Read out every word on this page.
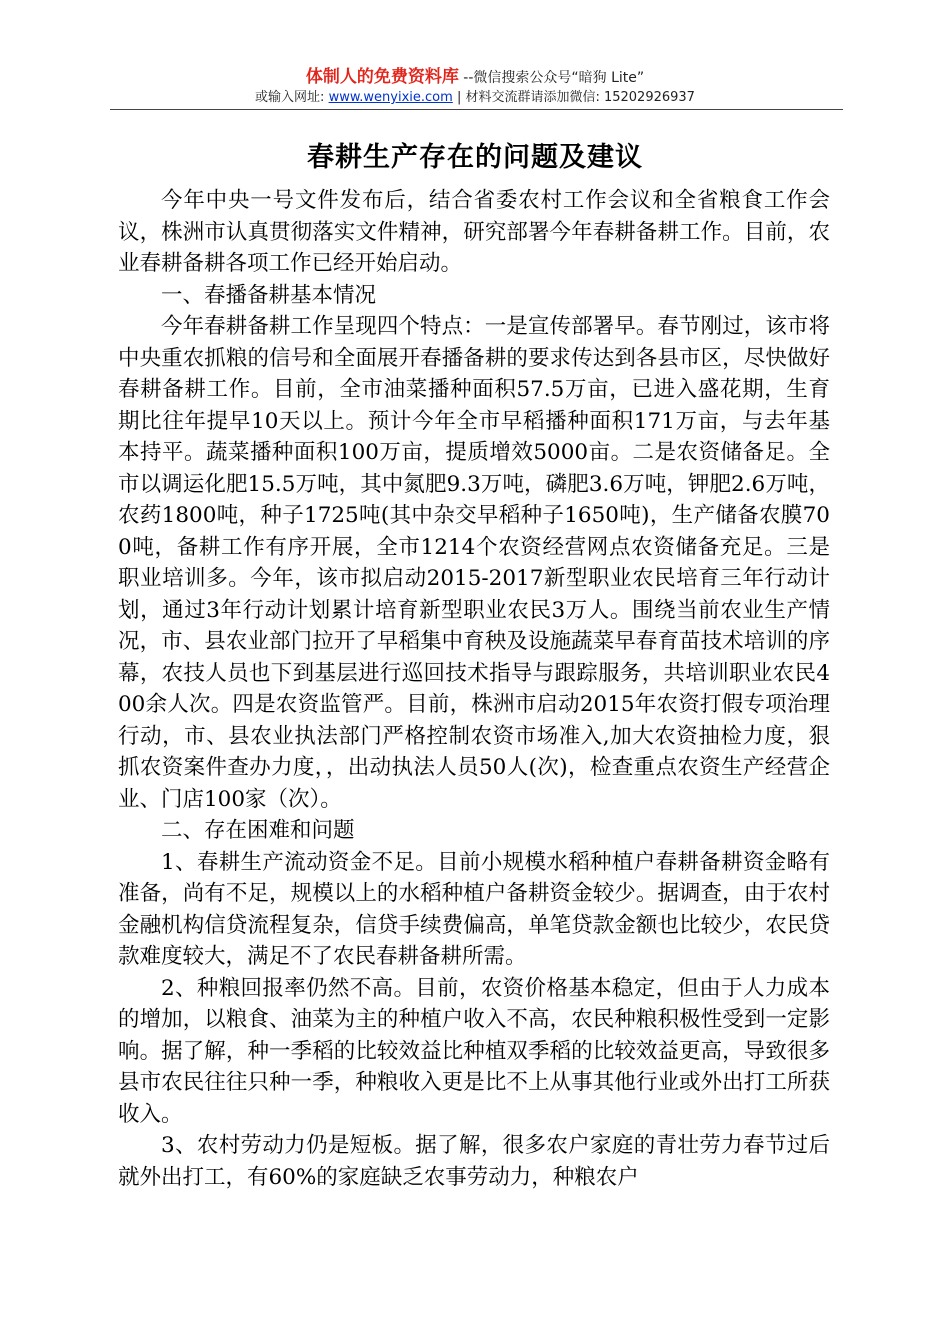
体制人的免费资料库 --微信搜索公众号“暗狗 Lite”
或输入网址: www.wenyixie.com | 材料交流群请添加微信: 15202926937
春耕生产存在的问题及建议

今年中央一号文件发布后，结合省委农村工作会议和全省粮食工作会议，株洲市认真贯彻落实文件精神，研究部署今年春耕备耕工作。目前，农业春耕备耕各项工作已经开始启动。

一、春播备耕基本情况

今年春耕备耕工作呈现四个特点：一是宣传部署早。春节刚过，该市将中央重农抓粮的信号和全面展开春播备耕的要求传达到各县市区，尽快做好春耕备耕工作。目前，全市油菜播种面积57.5万亩，已进入盛花期，生育期比往年提早10天以上。预计今年全市早稻播种面积171万亩，与去年基本持平。蔬菜播种面积100万亩，提质增效5000亩。二是农资储备足。全市以调运化肥15.5万吨，其中氮肥9.3万吨，磷肥3.6万吨，钾肥2.6万吨，农药1800吨，种子1725吨(其中杂交早稻种子1650吨)，生产储备农膜700吨，备耕工作有序开展，全市1214个农资经营网点农资储备充足。三是职业培训多。今年，该市拟启动2015-2017新型职业农民培育三年行动计划，通过3年行动计划累计培育新型职业农民3万人。围绕当前农业生产情况，市、县农业部门拉开了早稻集中育秧及设施蔬菜早春育苗技术培训的序幕，农技人员也下到基层进行巡回技术指导与跟踪服务，共培训职业农民400余人次。四是农资监管严。目前，株洲市启动2015年农资打假专项治理行动，市、县农业执法部门严格控制农资市场准入,加大农资抽检力度，狠抓农资案件查办力度，，出动执法人员50人(次)，检查重点农资生产经营企业、门店100家（次）。

二、存在困难和问题

1、春耕生产流动资金不足。目前小规模水稻种植户春耕备耕资金略有准备，尚有不足，规模以上的水稻种植户备耕资金较少。据调查，由于农村金融机构信贷流程复杂，信贷手续费偏高，单笔贷款金额也比较少，农民贷款难度较大，满足不了农民春耕备耕所需。

2、种粮回报率仍然不高。目前，农资价格基本稳定，但由于人力成本的增加，以粮食、油菜为主的种植户收入不高，农民种粮积极性受到一定影响。据了解，种一季稻的比较效益比种植双季稻的比较效益更高，导致很多县市农民往往只种一季，种粮收入更是比不上从事其他行业或外出打工所获收入。

3、农村劳动力仍是短板。据了解，很多农户家庭的青壮劳力春节过后就外出打工，有60%的家庭缺乏农事劳动力，种粮农户
